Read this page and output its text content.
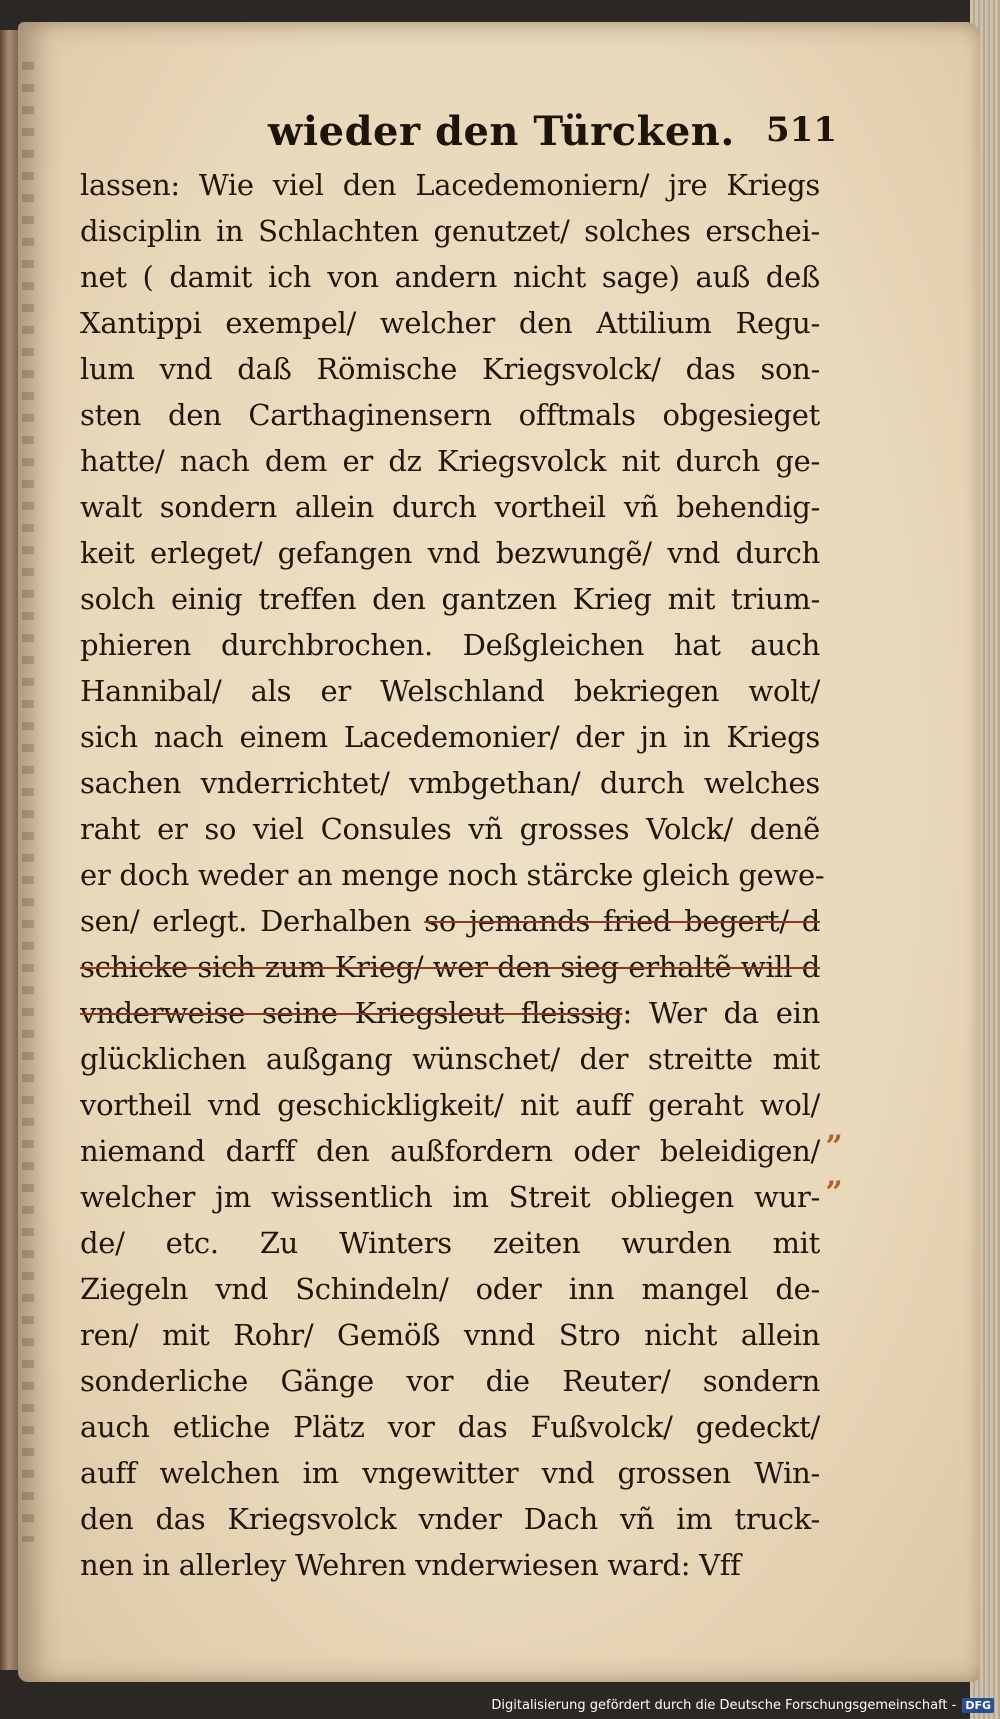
wieder den Türcken. 511
lassen: Wie viel den Lacedemoniern/ jre Kriegs
disciplin in Schlachten genutzet/ solches erschei-
net ( damit ich von andern nicht sage) auß deß
Xantippi exempel/ welcher den Attilium Regu-
lum vnd daß Römische Kriegsvolck/ das son-
sten den Carthaginensern offtmals obgesieget
hatte/ nach dem er dz Kriegsvolck nit durch ge-
walt sondern allein durch vortheil vñ behendig-
keit erleget/ gefangen vnd bezwungẽ/ vnd durch
solch einig treffen den gantzen Krieg mit trium-
phieren durchbrochen. Deßgleichen hat auch
Hannibal/ als er Welschland bekriegen wolt/
sich nach einem Lacedemonier/ der jn in Kriegs
sachen vnderrichtet/ vmbgethan/ durch welches
raht er so viel Consules vñ grosses Volck/ denẽ
er doch weder an menge noch stärcke gleich gewe-
sen/ erlegt. Derhalben so jemands fried begert/ d
schicke sich zum Krieg/ wer den sieg erhaltẽ will d
vnderweise seine Kriegsleut fleissig: Wer da ein
glücklichen außgang wünschet/ der streitte mit
vortheil vnd geschickligkeit/ nit auff geraht wol/
niemand darff den außfordern oder beleidigen/
welcher jm wissentlich im Streit obliegen wur-
de/ etc. Zu Winters zeiten wurden mit
Ziegeln vnd Schindeln/ oder inn mangel de-
ren/ mit Rohr/ Gemöß vnnd Stro nicht allein
sonderliche Gänge vor die Reuter/ sondern
auch etliche Plätz vor das Fußvolck/ gedeckt/
auff welchen im vngewitter vnd grossen Win-
den das Kriegsvolck vnder Dach vñ im truck-
nen in allerley Wehren vnderwiesen ward: Vff
„
„
Digitalisierung gefördert durch die Deutsche Forschungsgemeinschaft - DFG
